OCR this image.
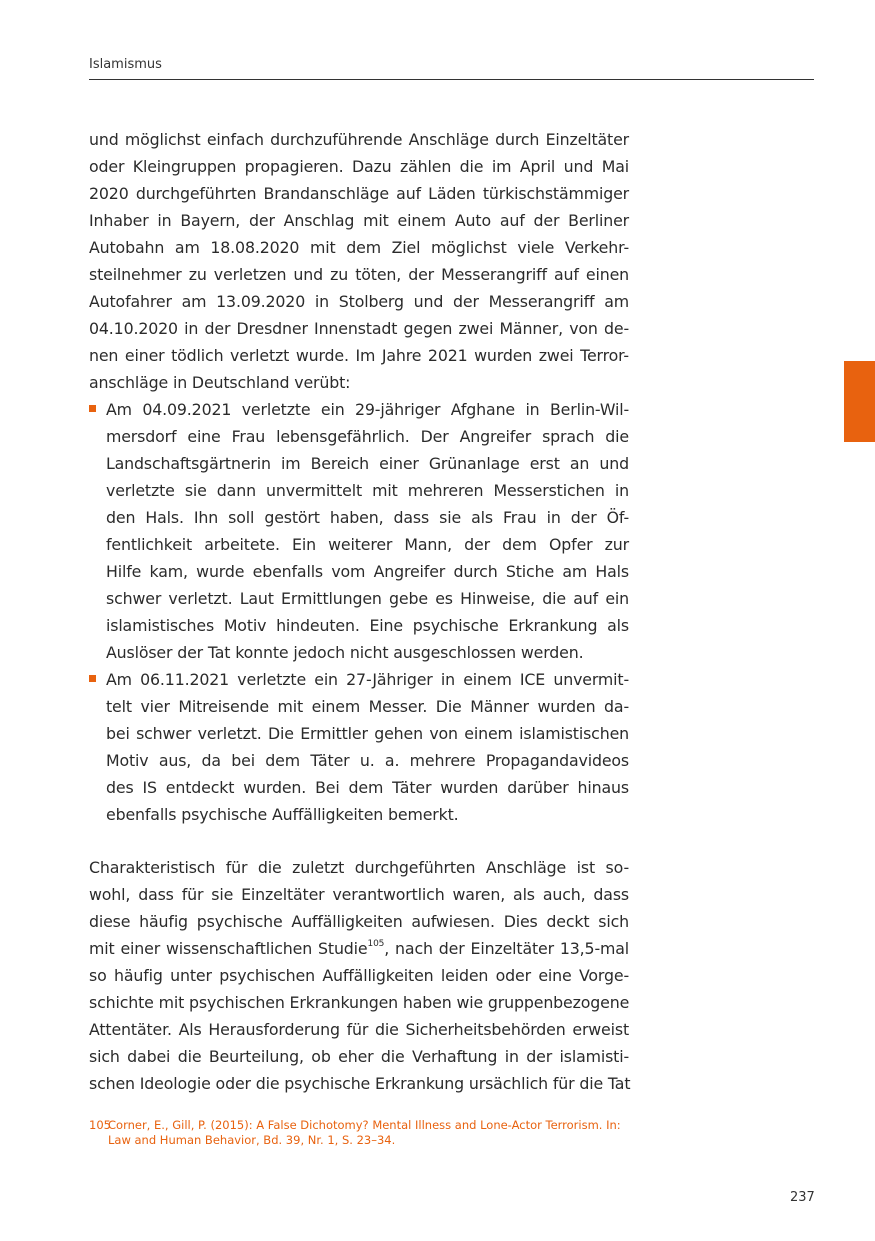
Islamismus

und möglichst einfach durchzuführende Anschläge durch Einzeltäter
oder Kleingruppen propagieren. Dazu zählen die im April und Mai
2020 durchgeführten Brandanschläge auf Läden türkischstämmiger
Inhaber in Bayern, der Anschlag mit einem Auto auf der Berliner
Autobahn am 18.08.2020 mit dem Ziel möglichst viele Verkehr-
steilnehmer zu verletzen und zu töten, der Messerangriff auf einen
Autofahrer am 13.09.2020 in Stolberg und der Messerangriff am
04.10.2020 in der Dresdner Innenstadt gegen zwei Männer, von de-
nen einer tödlich verletzt wurde. Im Jahre 2021 wurden zwei Terror-
anschläge in Deutschland verübt:

Am 04.09.2021 verletzte ein 29-jähriger Afghane in Berlin-Wil-
mersdorf eine Frau lebensgefährlich. Der Angreifer sprach die
Landschaftsgärtnerin im Bereich einer Grünanlage erst an und
verletzte sie dann unvermittelt mit mehreren Messerstichen in
den Hals. Ihn soll gestört haben, dass sie als Frau in der Öf-
fentlichkeit arbeitete. Ein weiterer Mann, der dem Opfer zur
Hilfe kam, wurde ebenfalls vom Angreifer durch Stiche am Hals
schwer verletzt. Laut Ermittlungen gebe es Hinweise, die auf ein
islamistisches Motiv hindeuten. Eine psychische Erkrankung als
Auslöser der Tat konnte jedoch nicht ausgeschlossen werden.
Am 06.11.2021 verletzte ein 27-Jähriger in einem ICE unvermit-
telt vier Mitreisende mit einem Messer. Die Männer wurden da-
bei schwer verletzt. Die Ermittler gehen von einem islamistischen
Motiv aus, da bei dem Täter u. a. mehrere Propagandavideos
des IS entdeckt wurden. Bei dem Täter wurden darüber hinaus
ebenfalls psychische Auffälligkeiten bemerkt.

Charakteristisch für die zuletzt durchgeführten Anschläge ist so-
wohl, dass für sie Einzeltäter verantwortlich waren, als auch, dass
diese häufig psychische Auffälligkeiten aufwiesen. Dies deckt sich
mit einer wissenschaftlichen Studie$^{105}$, nach der Einzeltäter 13,5-mal
so häufig unter psychischen Auffälligkeiten leiden oder eine Vorge-
schichte mit psychischen Erkrankungen haben wie gruppenbezogene
Attentäter. Als Herausforderung für die Sicherheitsbehörden erweist
sich dabei die Beurteilung, ob eher die Verhaftung in der islamisti-
schen Ideologie oder die psychische Erkrankung ursächlich für die Tat

105Corner, E., Gill, P. (2015): A False Dichotomy? Mental Illness and Lone-Actor Terrorism. In:
Law and Human Behavior, Bd. 39, Nr. 1, S. 23–34.
237
